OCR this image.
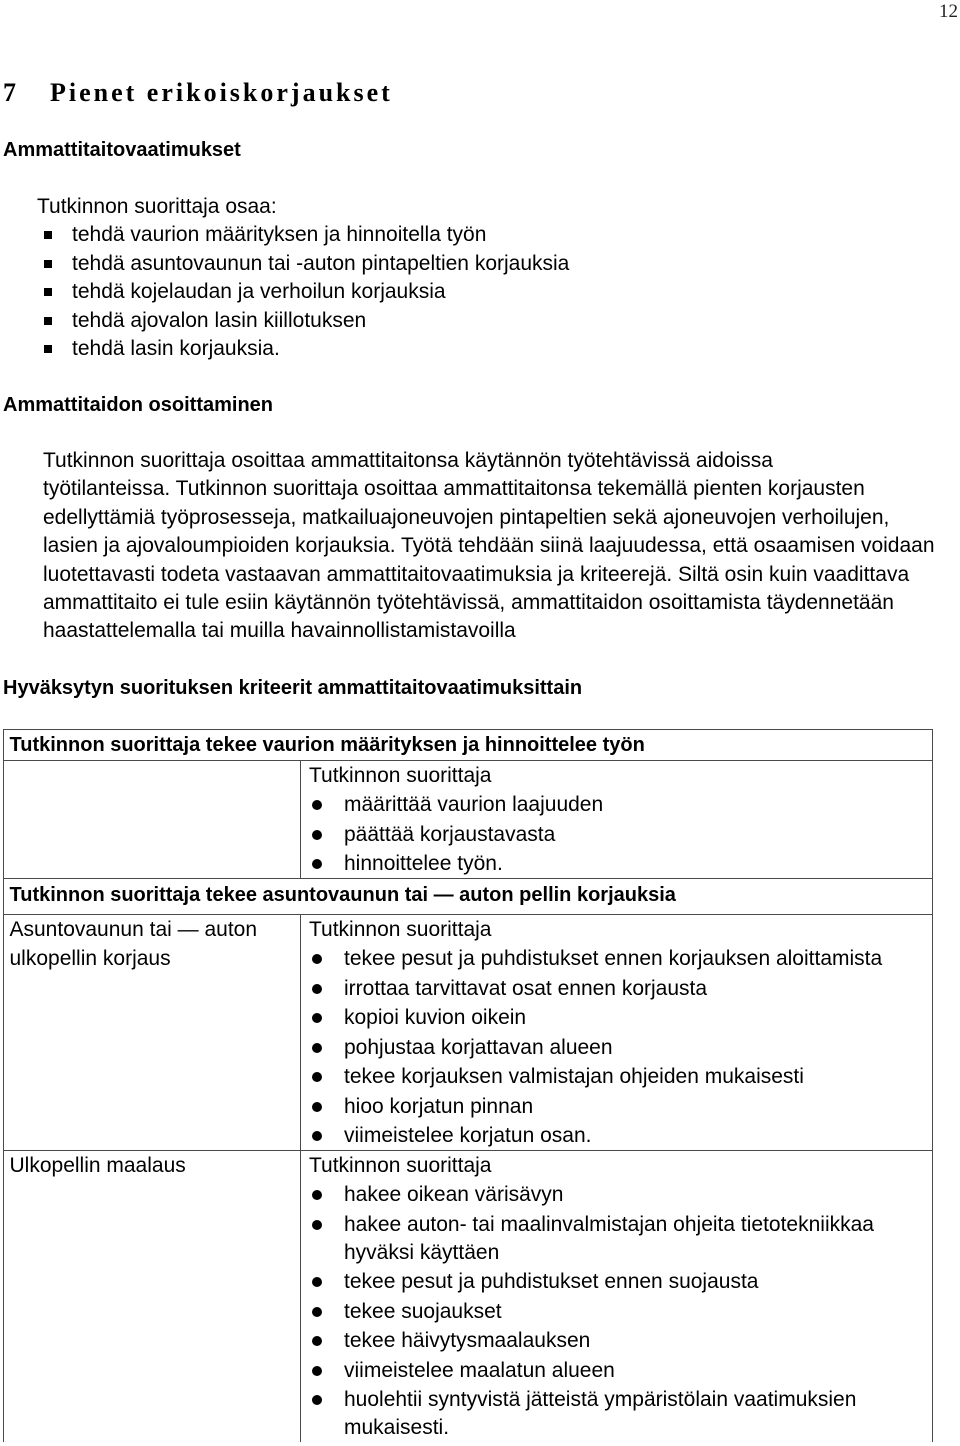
12
7 Pienet erikoiskorjaukset
Ammattitaitovaatimukset
Tutkinnon suorittaja osaa:
tehdä vaurion määrityksen ja hinnoitella työn
tehdä asuntovaunun tai -auton pintapeltien korjauksia
tehdä kojelaudan ja verhoilun korjauksia
tehdä ajovalon lasin kiillotuksen
tehdä lasin korjauksia.
Ammattitaidon osoittaminen
Tutkinnon suorittaja osoittaa ammattitaitonsa käytännön työtehtävissä aidoissa
työtilanteissa. Tutkinnon suorittaja osoittaa ammattitaitonsa tekemällä pienten korjausten
edellyttämiä työprosesseja, matkailuajoneuvojen pintapeltien sekä ajoneuvojen verhoilujen,
lasien ja ajovaloumpioiden korjauksia. Työtä tehdään siinä laajuudessa, että osaamisen voidaan
luotettavasti todeta vastaavan ammattitaitovaatimuksia ja kriteerejä. Siltä osin kuin vaadittava
ammattitaito ei tule esiin käytännön työtehtävissä, ammattitaidon osoittamista täydennetään
haastattelemalla tai muilla havainnollistamistavoilla
Hyväksytyn suorituksen kriteerit ammattitaitovaatimuksittain
Tutkinnon suorittaja tekee vaurion määrityksen ja hinnoittelee työn
Tutkinnon suorittaja
määrittää vaurion laajuuden
päättää korjaustavasta
hinnoittelee työn.
Tutkinnon suorittaja tekee asuntovaunun tai — auton pellin korjauksia
Asuntovaunun tai — auton ulkopellin korjaus
Tutkinnon suorittaja
tekee pesut ja puhdistukset ennen korjauksen aloittamista
irrottaa tarvittavat osat ennen korjausta
kopioi kuvion oikein
pohjustaa korjattavan alueen
tekee korjauksen valmistajan ohjeiden mukaisesti
hioo korjatun pinnan
viimeistelee korjatun osan.
Ulkopellin maalaus	Tutkinnon suorittaja
hakee oikean värisävyn
hakee auton- tai maalinvalmistajan ohjeita tietotekniikkaa hyväksi käyttäen
tekee pesut ja puhdistukset ennen suojausta
tekee suojaukset
tekee häivytysmaalauksen
viimeistelee maalatun alueen
huolehtii syntyvistä jätteistä ympäristölain vaatimuksien mukaisesti.
